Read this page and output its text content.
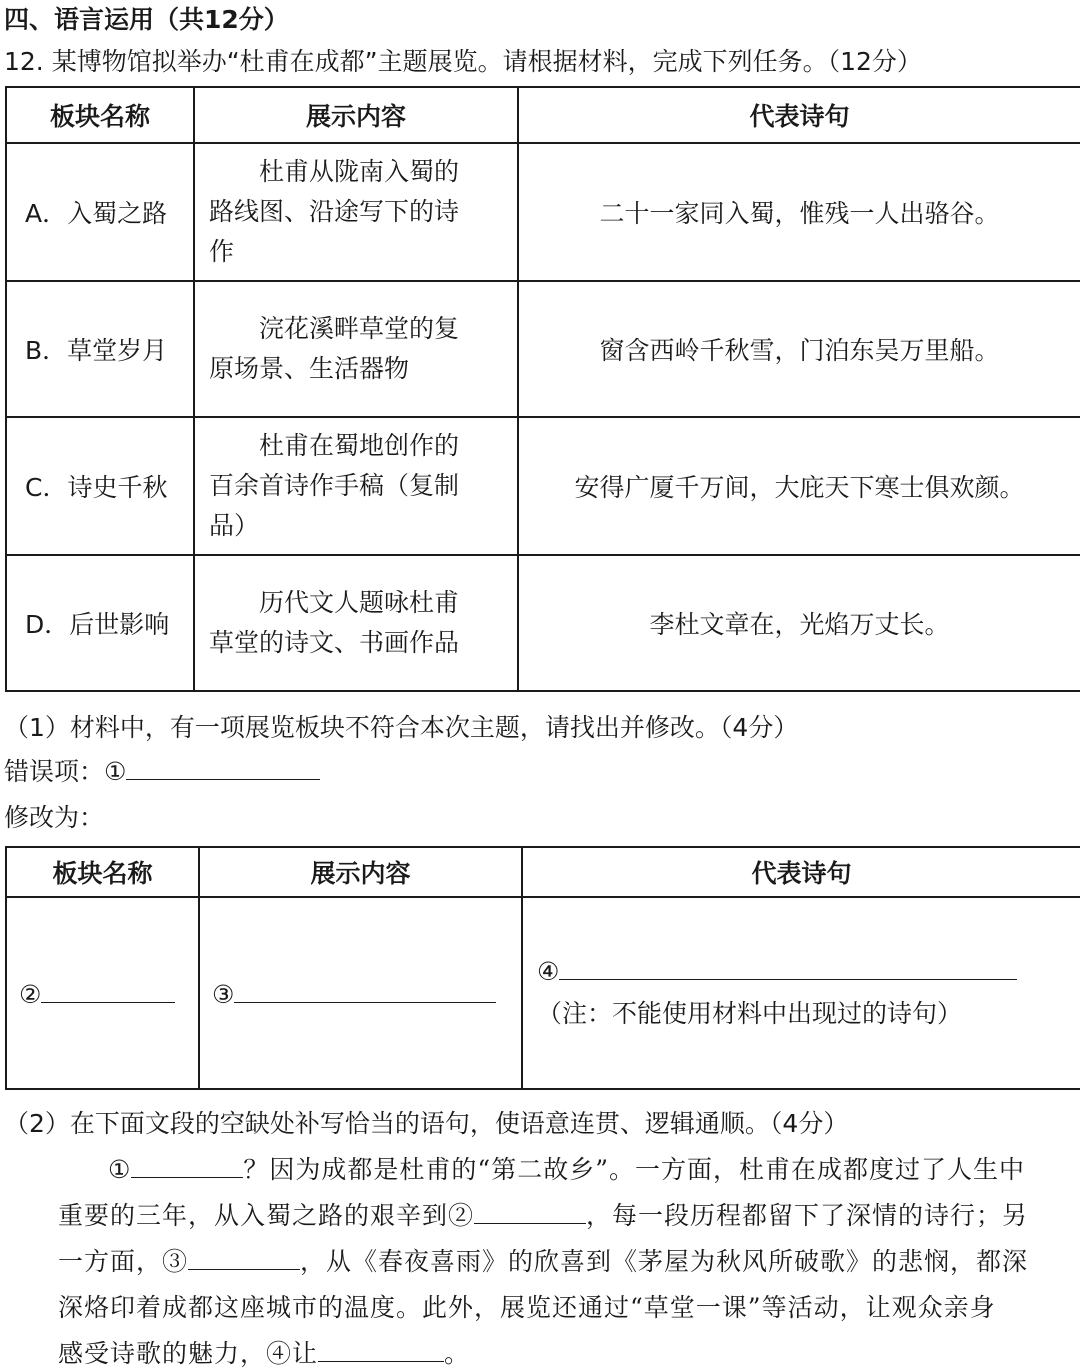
四、语言运用（共12分）
12. 某博物馆拟举办“杜甫在成都”主题展览。请根据材料，完成下列任务。（12分）
板块名称	展示内容	代表诗句
A．入蜀之路	杜甫从陇南入蜀的
路线图、沿途写下的诗
作	二十一家同入蜀，惟残一人出骆谷。
B．草堂岁月	浣花溪畔草堂的复
原场景、生活器物	窗含西岭千秋雪，门泊东吴万里船。
C．诗史千秋	杜甫在蜀地创作的
百余首诗作手稿（复制
品）	安得广厦千万间，大庇天下寒士俱欢颜。
D．后世影响	历代文人题咏杜甫
草堂的诗文、书画作品	李杜文章在，光焰万丈长。
（1）材料中，有一项展览板块不符合本次主题，请找出并修改。（4分）
错误项：①
修改为：
板块名称	展示内容	代表诗句
②	③	④
（注：不能使用材料中出现过的诗句）
（2）在下面文段的空缺处补写恰当的语句，使语意连贯、逻辑通顺。（4分）
①	？因为成都是杜甫的“第二故乡”。一方面，杜甫在成都度过了人生中
重要的三年，从入蜀之路的艰辛到②	，每一段历程都留下了深情的诗行；另
一方面，③	，从《春夜喜雨》的欣喜到《茅屋为秋风所破歌》的悲悯，都深
深烙印着成都这座城市的温度。此外，展览还通过“草堂一课”等活动，让观众亲身
感受诗歌的魅力，④让	。
